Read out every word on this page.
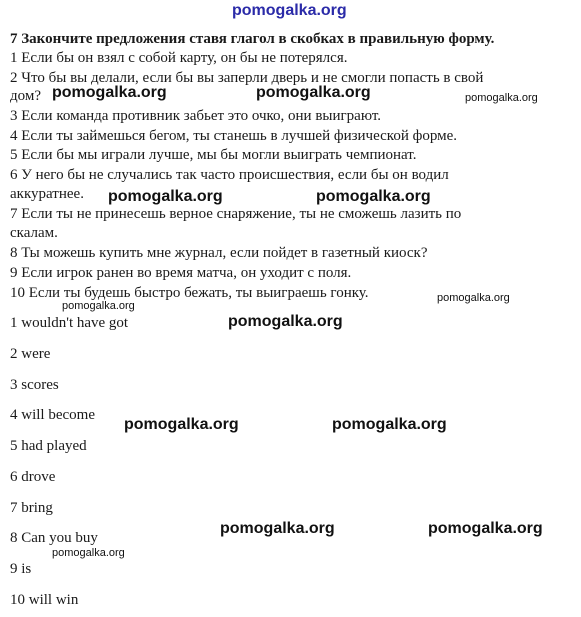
pomogalka.org
7 Закончите предложения ставя глагол в скобках в правильную форму.
1 Если бы он взял с собой карту, он бы не потерялся.
2 Что бы вы делали, если бы вы заперли дверь и не смогли попасть в свой
дом?
3 Если команда противник забьет это очко, они выиграют.
4 Если ты займешься бегом, ты станешь в лучшей физической форме.
5 Если бы мы играли лучше, мы бы могли выиграть чемпионат.
6 У него бы не случались так часто происшествия, если бы он водил
аккуратнее.
7 Если ты не принесешь верное снаряжение, ты не сможешь лазить по
скалам.
8 Ты можешь купить мне журнал, если пойдет в газетный киоск?
9 Если игрок ранен во время матча, он уходит с поля.
10 Если ты будешь быстро бежать, ты выиграешь гонку.
1 wouldn't have got
2 were
3 scores
4 will become
5 had played
6 drove
7 bring
8 Can you buy
9 is
10 will win
pomogalka.org	pomogalka.org	pomogalka.org
pomogalka.org	pomogalka.org
pomogalka.org
pomogalka.org
pomogalka.org
pomogalka.org	pomogalka.org
pomogalka.org	pomogalka.org
pomogalka.org
